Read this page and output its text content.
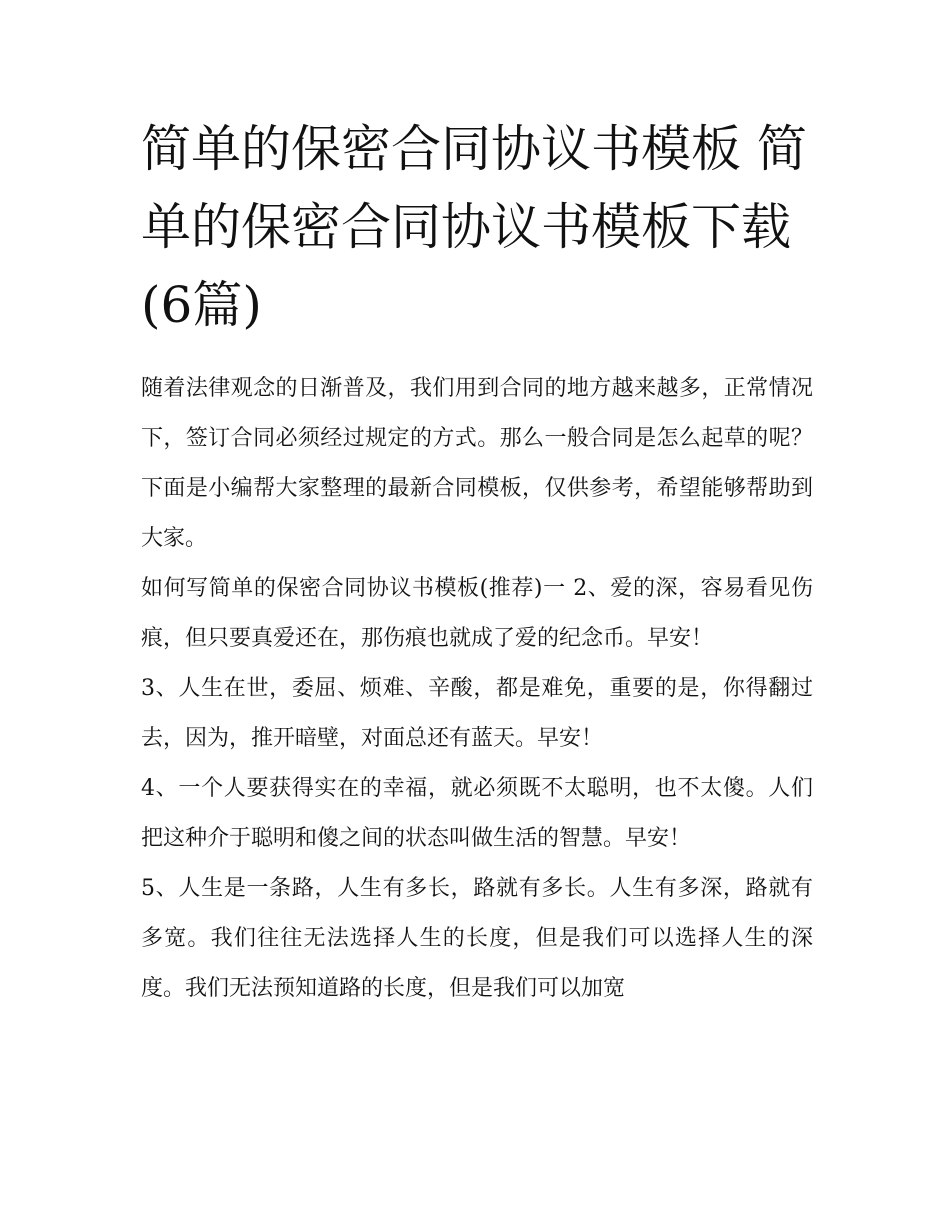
简单的保密合同协议书模板 简单的保密合同协议书模板下载(6篇)

随着法律观念的日渐普及，我们用到合同的地方越来越多，正常情况下，签订合同必须经过规定的方式。那么一般合同是怎么起草的呢？下面是小编帮大家整理的最新合同模板，仅供参考，希望能够帮助到大家。

如何写简单的保密合同协议书模板(推荐)一 2、爱的深，容易看见伤痕，但只要真爱还在，那伤痕也就成了爱的纪念币。早安！

3、人生在世，委屈、烦难、辛酸，都是难免，重要的是，你得翻过去，因为，推开暗壁，对面总还有蓝天。早安！

4、一个人要获得实在的幸福，就必须既不太聪明，也不太傻。人们把这种介于聪明和傻之间的状态叫做生活的智慧。早安！

5、人生是一条路，人生有多长，路就有多长。人生有多深，路就有多宽。我们往往无法选择人生的长度，但是我们可以选择人生的深度。我们无法预知道路的长度，但是我们可以加宽
